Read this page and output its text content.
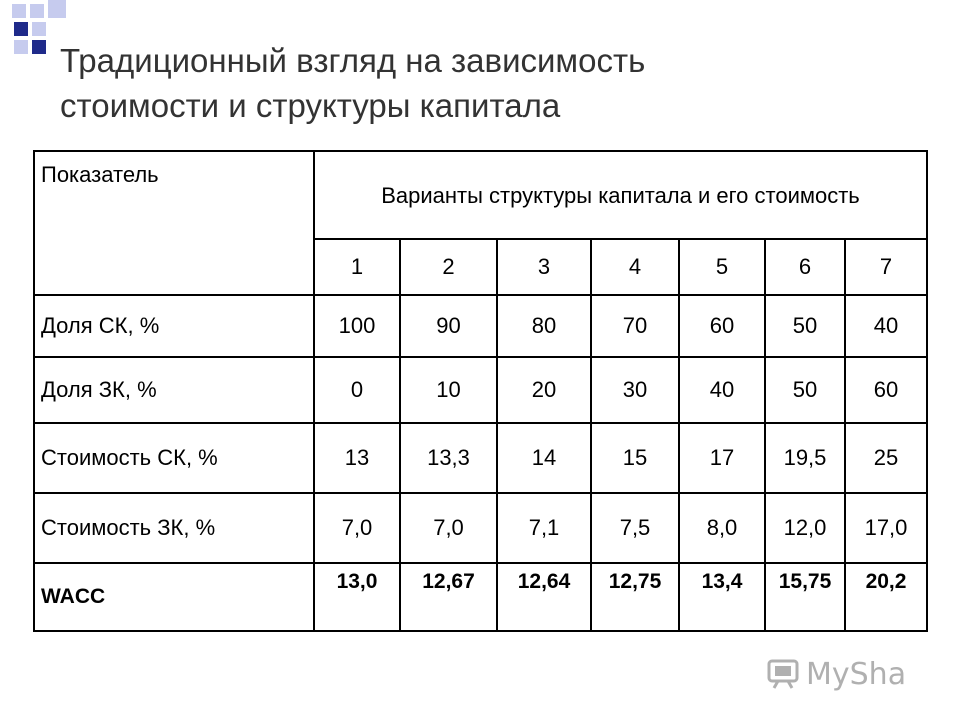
Традиционный взгляд на зависимость
стоимости и структуры капитала
Показатель	Варианты структуры капитала и его стоимость						
	1	2	3	4	5	6	7
Доля СК, %	100	90	80	70	60	50	40
Доля ЗК, %	0	10	20	30	40	50	60
Стоимость СК, %	13	13,3	14	15	17	19,5	25
Стоимость ЗК, %	7,0	7,0	7,1	7,5	8,0	12,0	17,0
WACC	13,0	12,67	12,64	12,75	13,4	15,75	20,2
MySha
